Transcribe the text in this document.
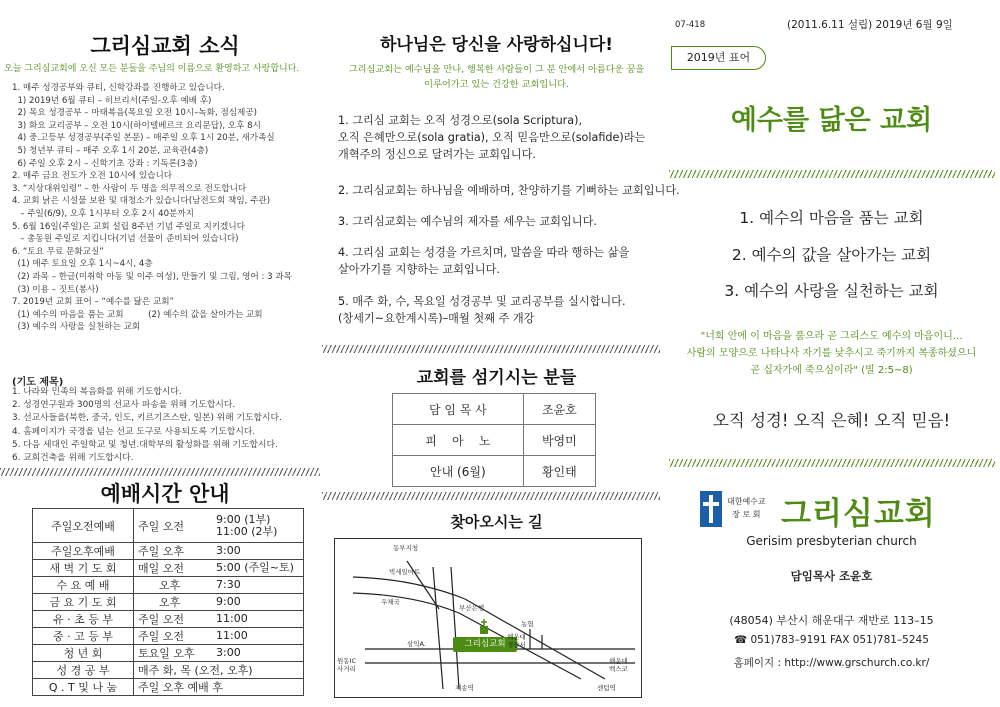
그리심교회 소식
오늘 그리심교회에 오신 모든 분들을 주님의 이름으로 환영하고 사랑합니다.
1. 매주 성경공부와 큐티, 신학강좌를 진행하고 있습니다.
1) 2019년 6월 큐티 – 히브리서(주일-오후 예배 후)
2) 목요 성경공부 – 마태복음(목요일 오전 10시–녹화, 점심제공)
3) 화요 교리공부 – 오전 10시(하이델베르크 요리문답), 오후 8시
4) 중.고등부 성경공부(주일 본문) – 매주일 오후 1시 20분, 새가족실
5) 청년부 큐티 – 매주 오후 1시 20분, 교육관(4층)
6) 주일 오후 2시 – 신학기초 강좌 : 기독론(3층)
2. 매주 금요 전도가 오전 10시에 있습니다
3. “지상대위임령” – 한 사람이 두 명을 의무적으로 전도합니다
4. 교회 낡은 시설물 보완 및 대청소가 있습니다(남전도회 책임, 주관)
– 주일(6/9), 오후 1시부터 오후 2시 40분까지
5. 6월 16일(주일)은 교회 설립 8주년 기념 주일로 지키겠니다
– 총동원 주일로 지킵니다(기념 선물이 준비되어 있습니다)
6. “토요 무료 문화교실”
(1) 매주 토요일 오후 1시~4시, 4층
(2) 과목 – 한글(미취학 아동 및 이주 여성), 만들기 및 그림, 영어 : 3 과목
(3) 이용 – 짓트(봉사)
7. 2019년 교회 표어 – “예수를 닮은 교회”
(1) 예수의 마음을 품는 교회         (2) 예수의 값을 살아가는 교회
(3) 예수의 사랑을 실천하는 교회
(기도 제목)
1. 나라와 민족의 복음화를 위해 기도합시다.
2. 성경연구원과 300명의 선교사 파송을 위해 기도합시다.
3. 선교사들을(북한, 중국, 인도, 키르기즈스탄, 일본) 위해 기도합시다.
4. 홈페이지가 국경을 넘는 선교 도구로 사용되도록 기도합시다.
5. 다음 세대인 주일학교 및 청년.대학부의 활성화를 위해 기도합시다.
6. 교회건축을 위해 기도합시다.
예배시간 안내
주일오전예배	주일 오전	9:00 (1부)
11:00 (2부)
주일오후예배	주일 오후	3:00
새 벽 기 도 회	매일 오전	5:00 (주일~토)
수 요 예 배	오후	7:30
금 요 기 도 회	오후	9:00
유 · 초 등 부	주일 오전	11:00
중 · 고 등 부	주일 오전	11:00
청 년 회	토요일 오후	3:00
성 경 공 부	매주 화, 목 (오전, 오후)	
Q . T 및 나 눔	주일 오후 예배 후	
하나님은 당신을 사랑하십니다!
그리심교회는 예수님을 만나, 행복한 사람들이 그 분 안에서 아름다운 꿈을
이루어가고 있는 건강한 교회입니다.
1. 그리심 교회는 오직 성경으로(sola Scriptura),
오직 은혜만으로(sola gratia), 오직 믿음만으로(solafide)라는
개혁주의 정신으로 달려가는 교회입니다.
2. 그리심교회는 하나님을 예배하며, 찬양하기를 기뻐하는 교회입니다.
3. 그리심교회는 예수님의 제자를 세우는 교회입니다.
4. 그리심 교회는 성경을 가르치며, 말씀을 따라 행하는 삶을
살아가기를 지향하는 교회입니다.
5. 매주 화, 수, 목요일 성경공부 및 교리공부를 실시합니다.
(창세기~요한계시록)–매월 첫째 주 개강
교회를 섬기시는 분들
담 임 목 사	조윤호
피    아    노	박영미
안내 (6월)	황인태
찾아오시는 길
그리심교회
동부지청
빅세일마트
우체국
부산은행
농협
해운대
경찰서
삼익A.
원동IC
사거리
해운대
벡스코
재송역	센텀역
07-418	(2011.6.11 설립) 2019년 6월 9일
2019년 표어
예수를 닮은 교회
1. 예수의 마음을 품는 교회
2. 예수의 값을 살아가는 교회
3. 예수의 사랑을 실천하는 교회
"너희 안에 이 마음을 품으라 곧 그리스도 예수의 마음이니...
사람의 모양으로 나타나사 자기를 낮추시고 죽기까지 복종하셨으니
곧 십자가에 죽으심이라" (빌 2:5~8)
오직 성경! 오직 은혜! 오직 믿음!
대한예수교
장 로 회 그리심교회
Gerisim presbyterian church
담임목사 조윤호
(48054) 부산시 해운대구 재반로 113–15
☎ 051)783–9191 FAX 051)781–5245
홈페이지 : http://www.grschurch.co.kr/
